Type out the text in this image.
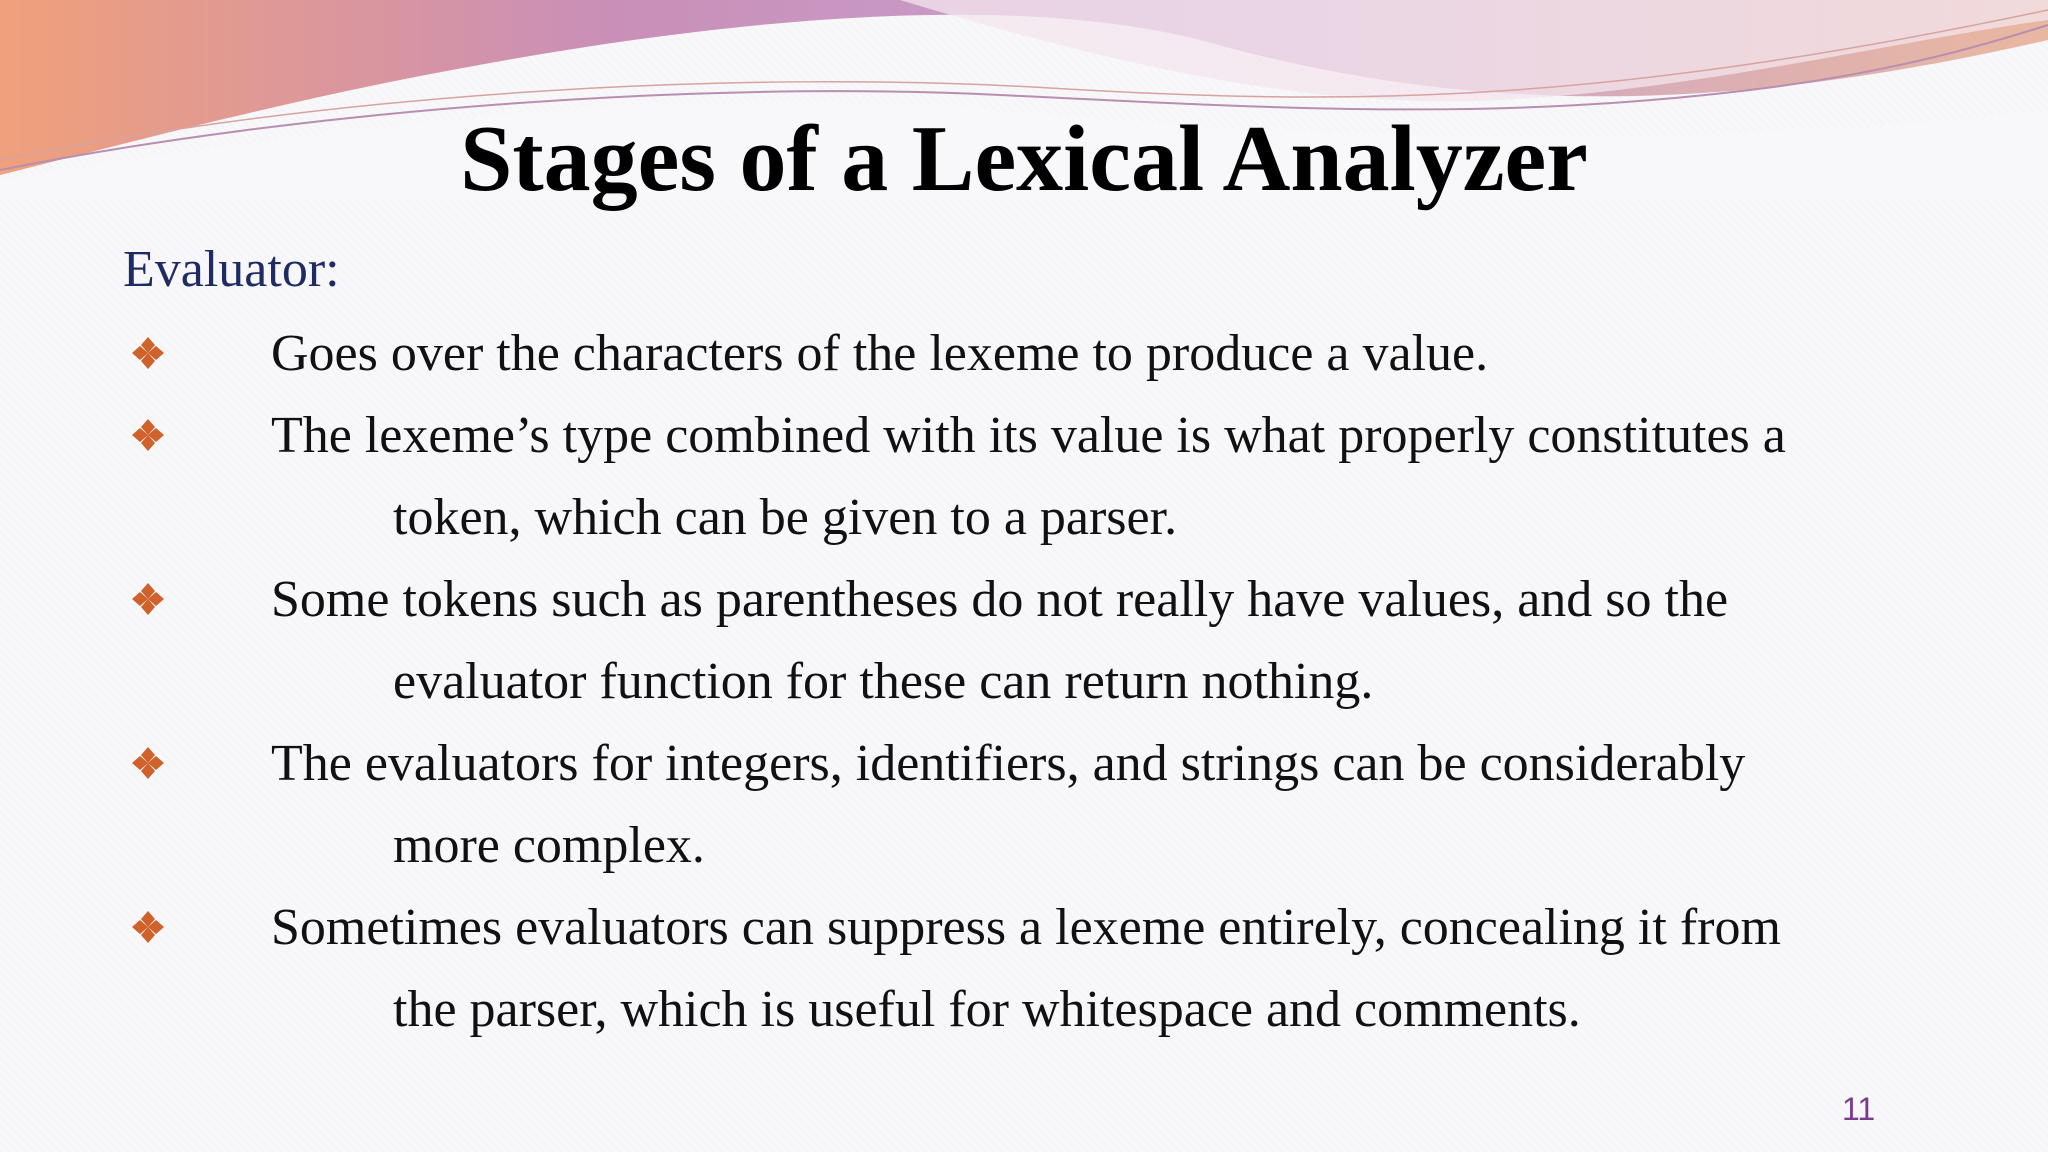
Stages of a Lexical Analyzer
Evaluator:
Goes over the characters of the lexeme to produce a value.
The lexeme’s type combined with its value is what properly constitutes a
token, which can be given to a parser.
Some tokens such as parentheses do not really have values, and so the
evaluator function for these can return nothing.
The evaluators for integers, identifiers, and strings can be considerably
more complex.
Sometimes evaluators can suppress a lexeme entirely, concealing it from
the parser, which is useful for whitespace and comments.
11
